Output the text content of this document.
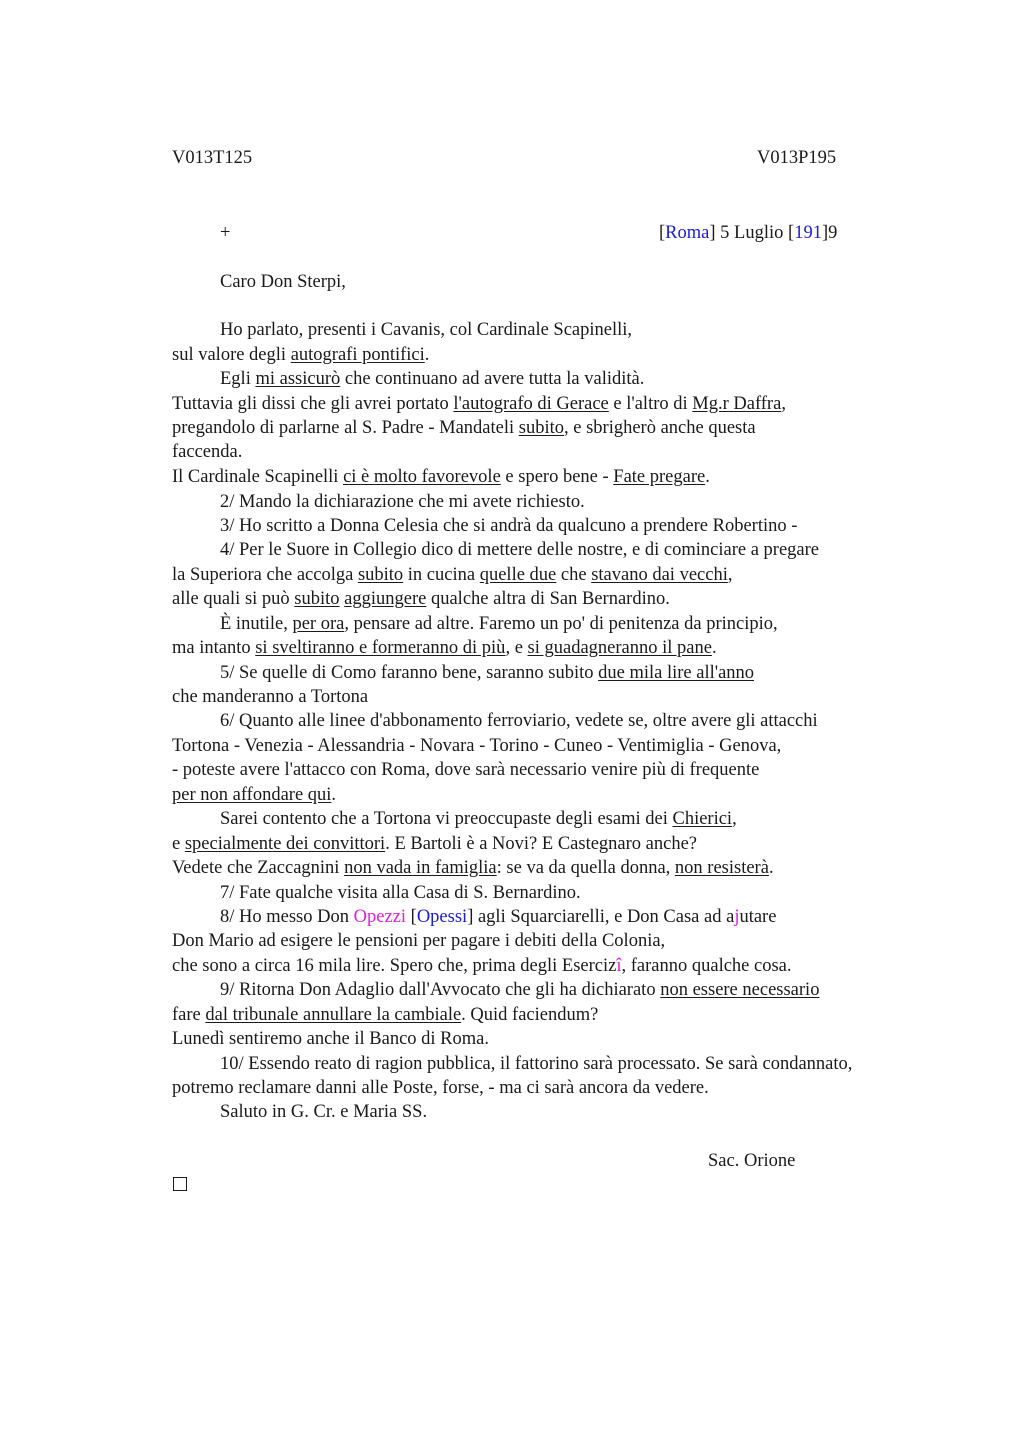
V013T125	V013P195
+	[Roma] 5 Luglio [191]9
Caro Don Sterpi,
Ho parlato, presenti i Cavanis, col Cardinale Scapinelli,
sul valore degli autografi pontifici.
Egli mi assicurò che continuano ad avere tutta la validità.
Tuttavia gli dissi che gli avrei portato l'autografo di Gerace e l'altro di Mg.r Daffra,
pregandolo di parlarne al S. Padre - Mandateli subito, e sbrigherò anche questa
faccenda.
Il Cardinale Scapinelli ci è molto favorevole e spero bene - Fate pregare.
2/ Mando la dichiarazione che mi avete richiesto.
3/ Ho scritto a Donna Celesia che si andrà da qualcuno a prendere Robertino -
4/ Per le Suore in Collegio dico di mettere delle nostre, e di cominciare a pregare
la Superiora che accolga subito in cucina quelle due che stavano dai vecchi,
alle quali si può subito aggiungere qualche altra di San Bernardino.
È inutile, per ora, pensare ad altre. Faremo un po' di penitenza da principio,
ma intanto si sveltiranno e formeranno di più, e si guadagneranno il pane.
5/ Se quelle di Como faranno bene, saranno subito due mila lire all'anno
che manderanno a Tortona
6/ Quanto alle linee d'abbonamento ferroviario, vedete se, oltre avere gli attacchi
Tortona - Venezia - Alessandria - Novara - Torino - Cuneo - Ventimiglia - Genova,
- poteste avere l'attacco con Roma, dove sarà necessario venire più di frequente
per non affondare qui.
Sarei contento che a Tortona vi preoccupaste degli esami dei Chierici,
e specialmente dei convittori. E Bartoli è a Novi? E Castegnaro anche?
Vedete che Zaccagnini non vada in famiglia: se va da quella donna, non resisterà.
7/ Fate qualche visita alla Casa di S. Bernardino.
8/ Ho messo Don Opezzi [Opessi] agli Squarciarelli, e Don Casa ad ajutare
Don Mario ad esigere le pensioni per pagare i debiti della Colonia,
che sono a circa 16 mila lire. Spero che, prima degli Esercizî, faranno qualche cosa.
9/ Ritorna Don Adaglio dall'Avvocato che gli ha dichiarato non essere necessario
fare dal tribunale annullare la cambiale. Quid faciendum?
Lunedì sentiremo anche il Banco di Roma.
10/ Essendo reato di ragion pubblica, il fattorino sarà processato. Se sarà condannato,
potremo reclamare danni alle Poste, forse, - ma ci sarà ancora da vedere.
Saluto in G. Cr. e Maria SS.
Sac. Orione
